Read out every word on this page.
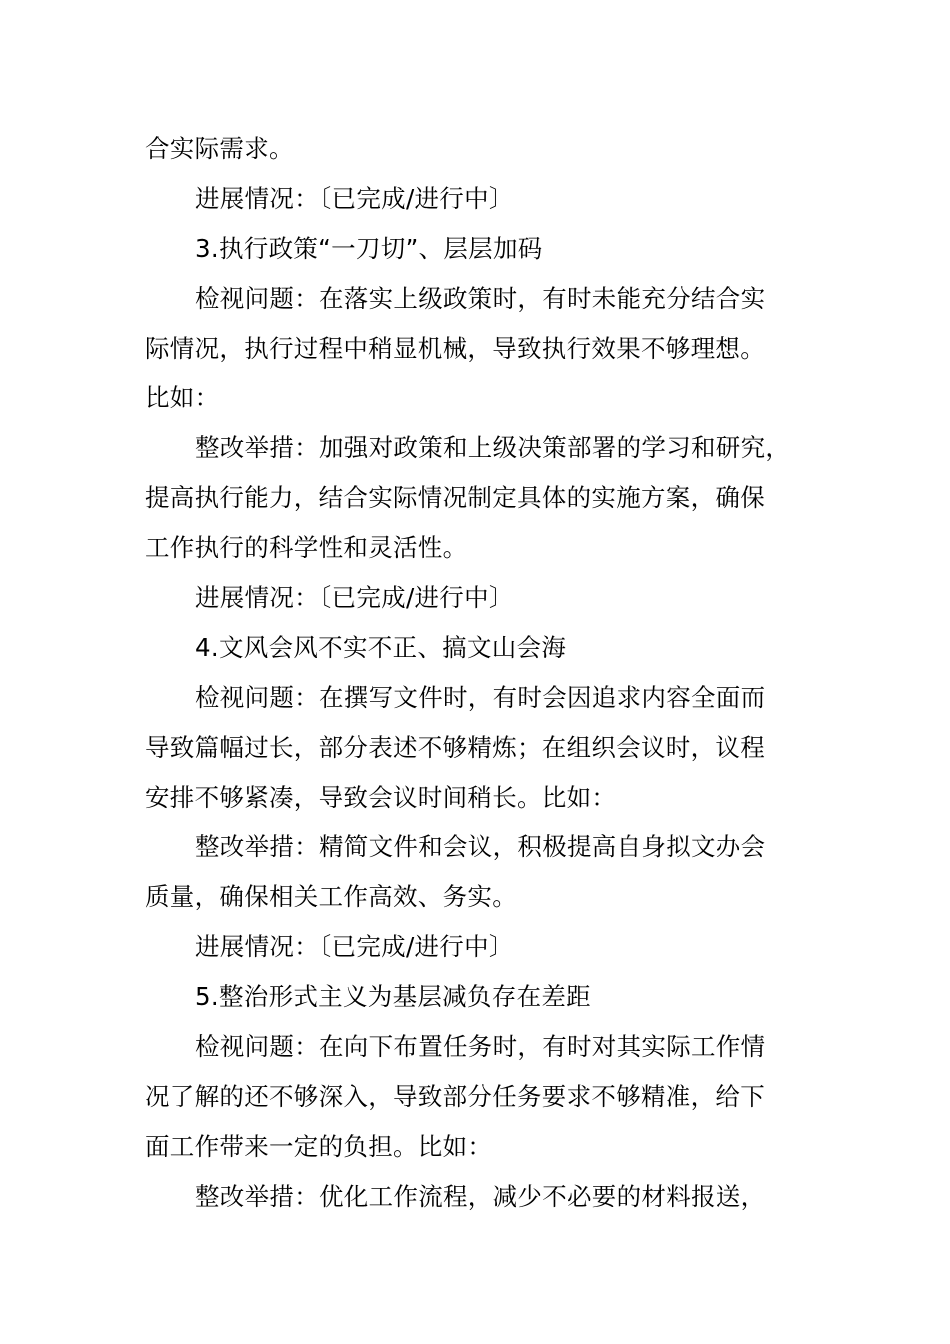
合实际需求。
进展情况：〔已完成/进行中〕
3.执行政策“一刀切”、层层加码
检视问题：在落实上级政策时，有时未能充分结合实
际情况，执行过程中稍显机械，导致执行效果不够理想。
比如：
整改举措：加强对政策和上级决策部署的学习和研究，
提高执行能力，结合实际情况制定具体的实施方案，确保
工作执行的科学性和灵活性。
进展情况：〔已完成/进行中〕
4.文风会风不实不正、搞文山会海
检视问题：在撰写文件时，有时会因追求内容全面而
导致篇幅过长，部分表述不够精炼；在组织会议时，议程
安排不够紧凑，导致会议时间稍长。比如：
整改举措：精简文件和会议，积极提高自身拟文办会
质量，确保相关工作高效、务实。
进展情况：〔已完成/进行中〕
5.整治形式主义为基层减负存在差距
检视问题：在向下布置任务时，有时对其实际工作情
况了解的还不够深入，导致部分任务要求不够精准，给下
面工作带来一定的负担。比如：
整改举措：优化工作流程，减少不必要的材料报送，
